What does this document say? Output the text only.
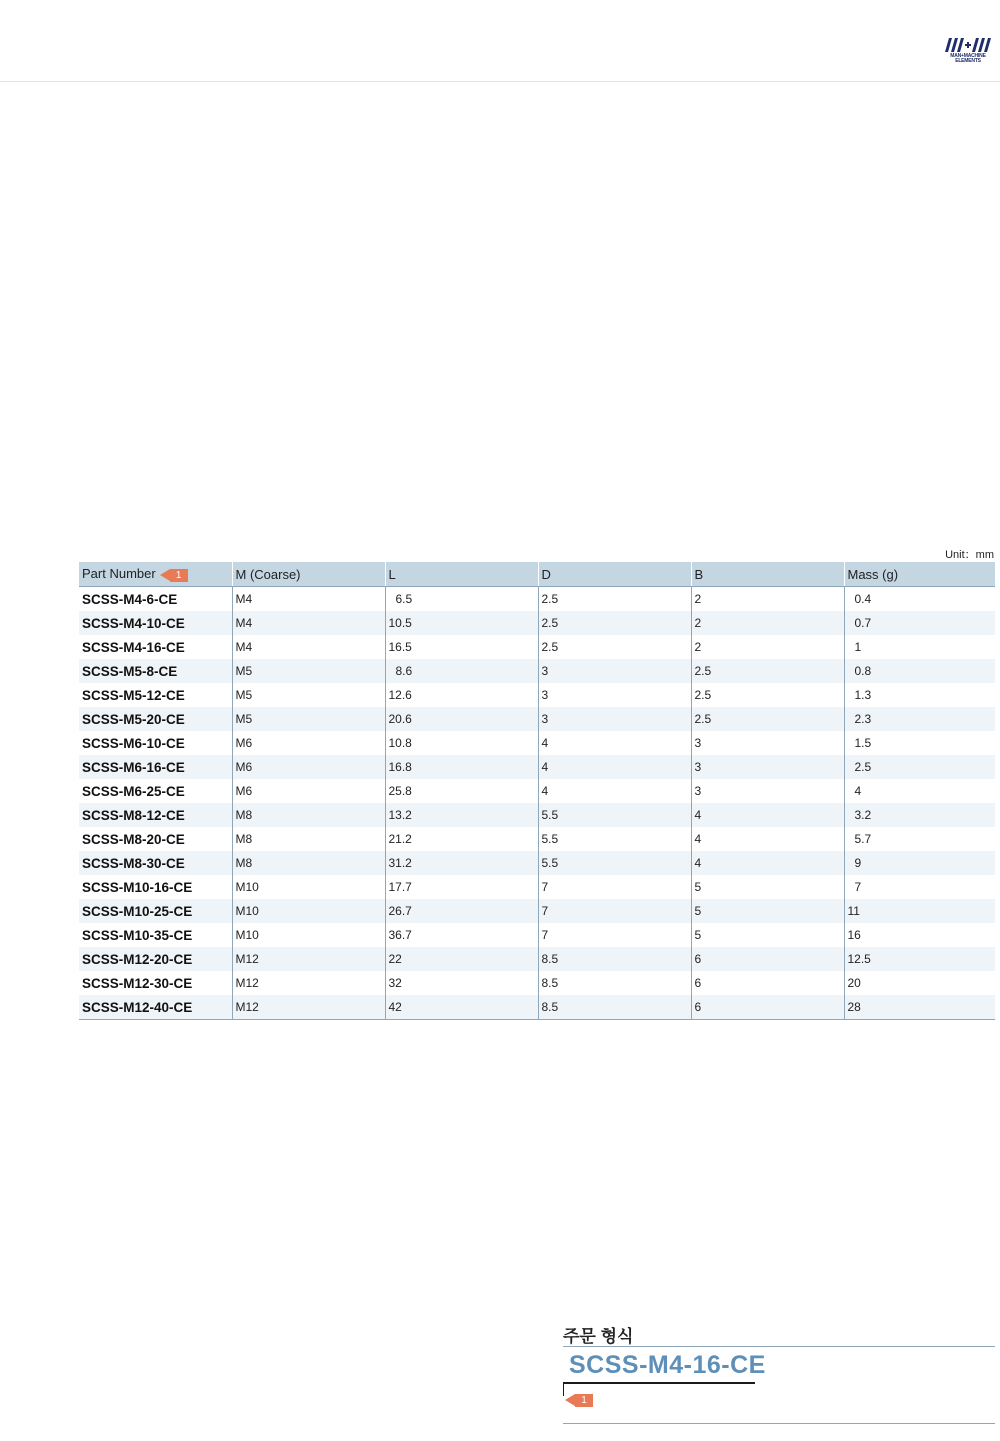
MAN+MACHINE
ELEMENTS
Unit：mm
Part Number 1	M (Coarse)	L	D	B	Mass (g)
SCSS-M4-6-CE	M4	6.5	2.5	2	0.4
SCSS-M4-10-CE	M4	10.5	2.5	2	0.7
SCSS-M4-16-CE	M4	16.5	2.5	2	1
SCSS-M5-8-CE	M5	8.6	3	2.5	0.8
SCSS-M5-12-CE	M5	12.6	3	2.5	1.3
SCSS-M5-20-CE	M5	20.6	3	2.5	2.3
SCSS-M6-10-CE	M6	10.8	4	3	1.5
SCSS-M6-16-CE	M6	16.8	4	3	2.5
SCSS-M6-25-CE	M6	25.8	4	3	4
SCSS-M8-12-CE	M8	13.2	5.5	4	3.2
SCSS-M8-20-CE	M8	21.2	5.5	4	5.7
SCSS-M8-30-CE	M8	31.2	5.5	4	9
SCSS-M10-16-CE	M10	17.7	7	5	7
SCSS-M10-25-CE	M10	26.7	7	5	11
SCSS-M10-35-CE	M10	36.7	7	5	16
SCSS-M12-20-CE	M12	22	8.5	6	12.5
SCSS-M12-30-CE	M12	32	8.5	6	20
SCSS-M12-40-CE	M12	42	8.5	6	28
주문 형식
SCSS-M4-16-CE
1
